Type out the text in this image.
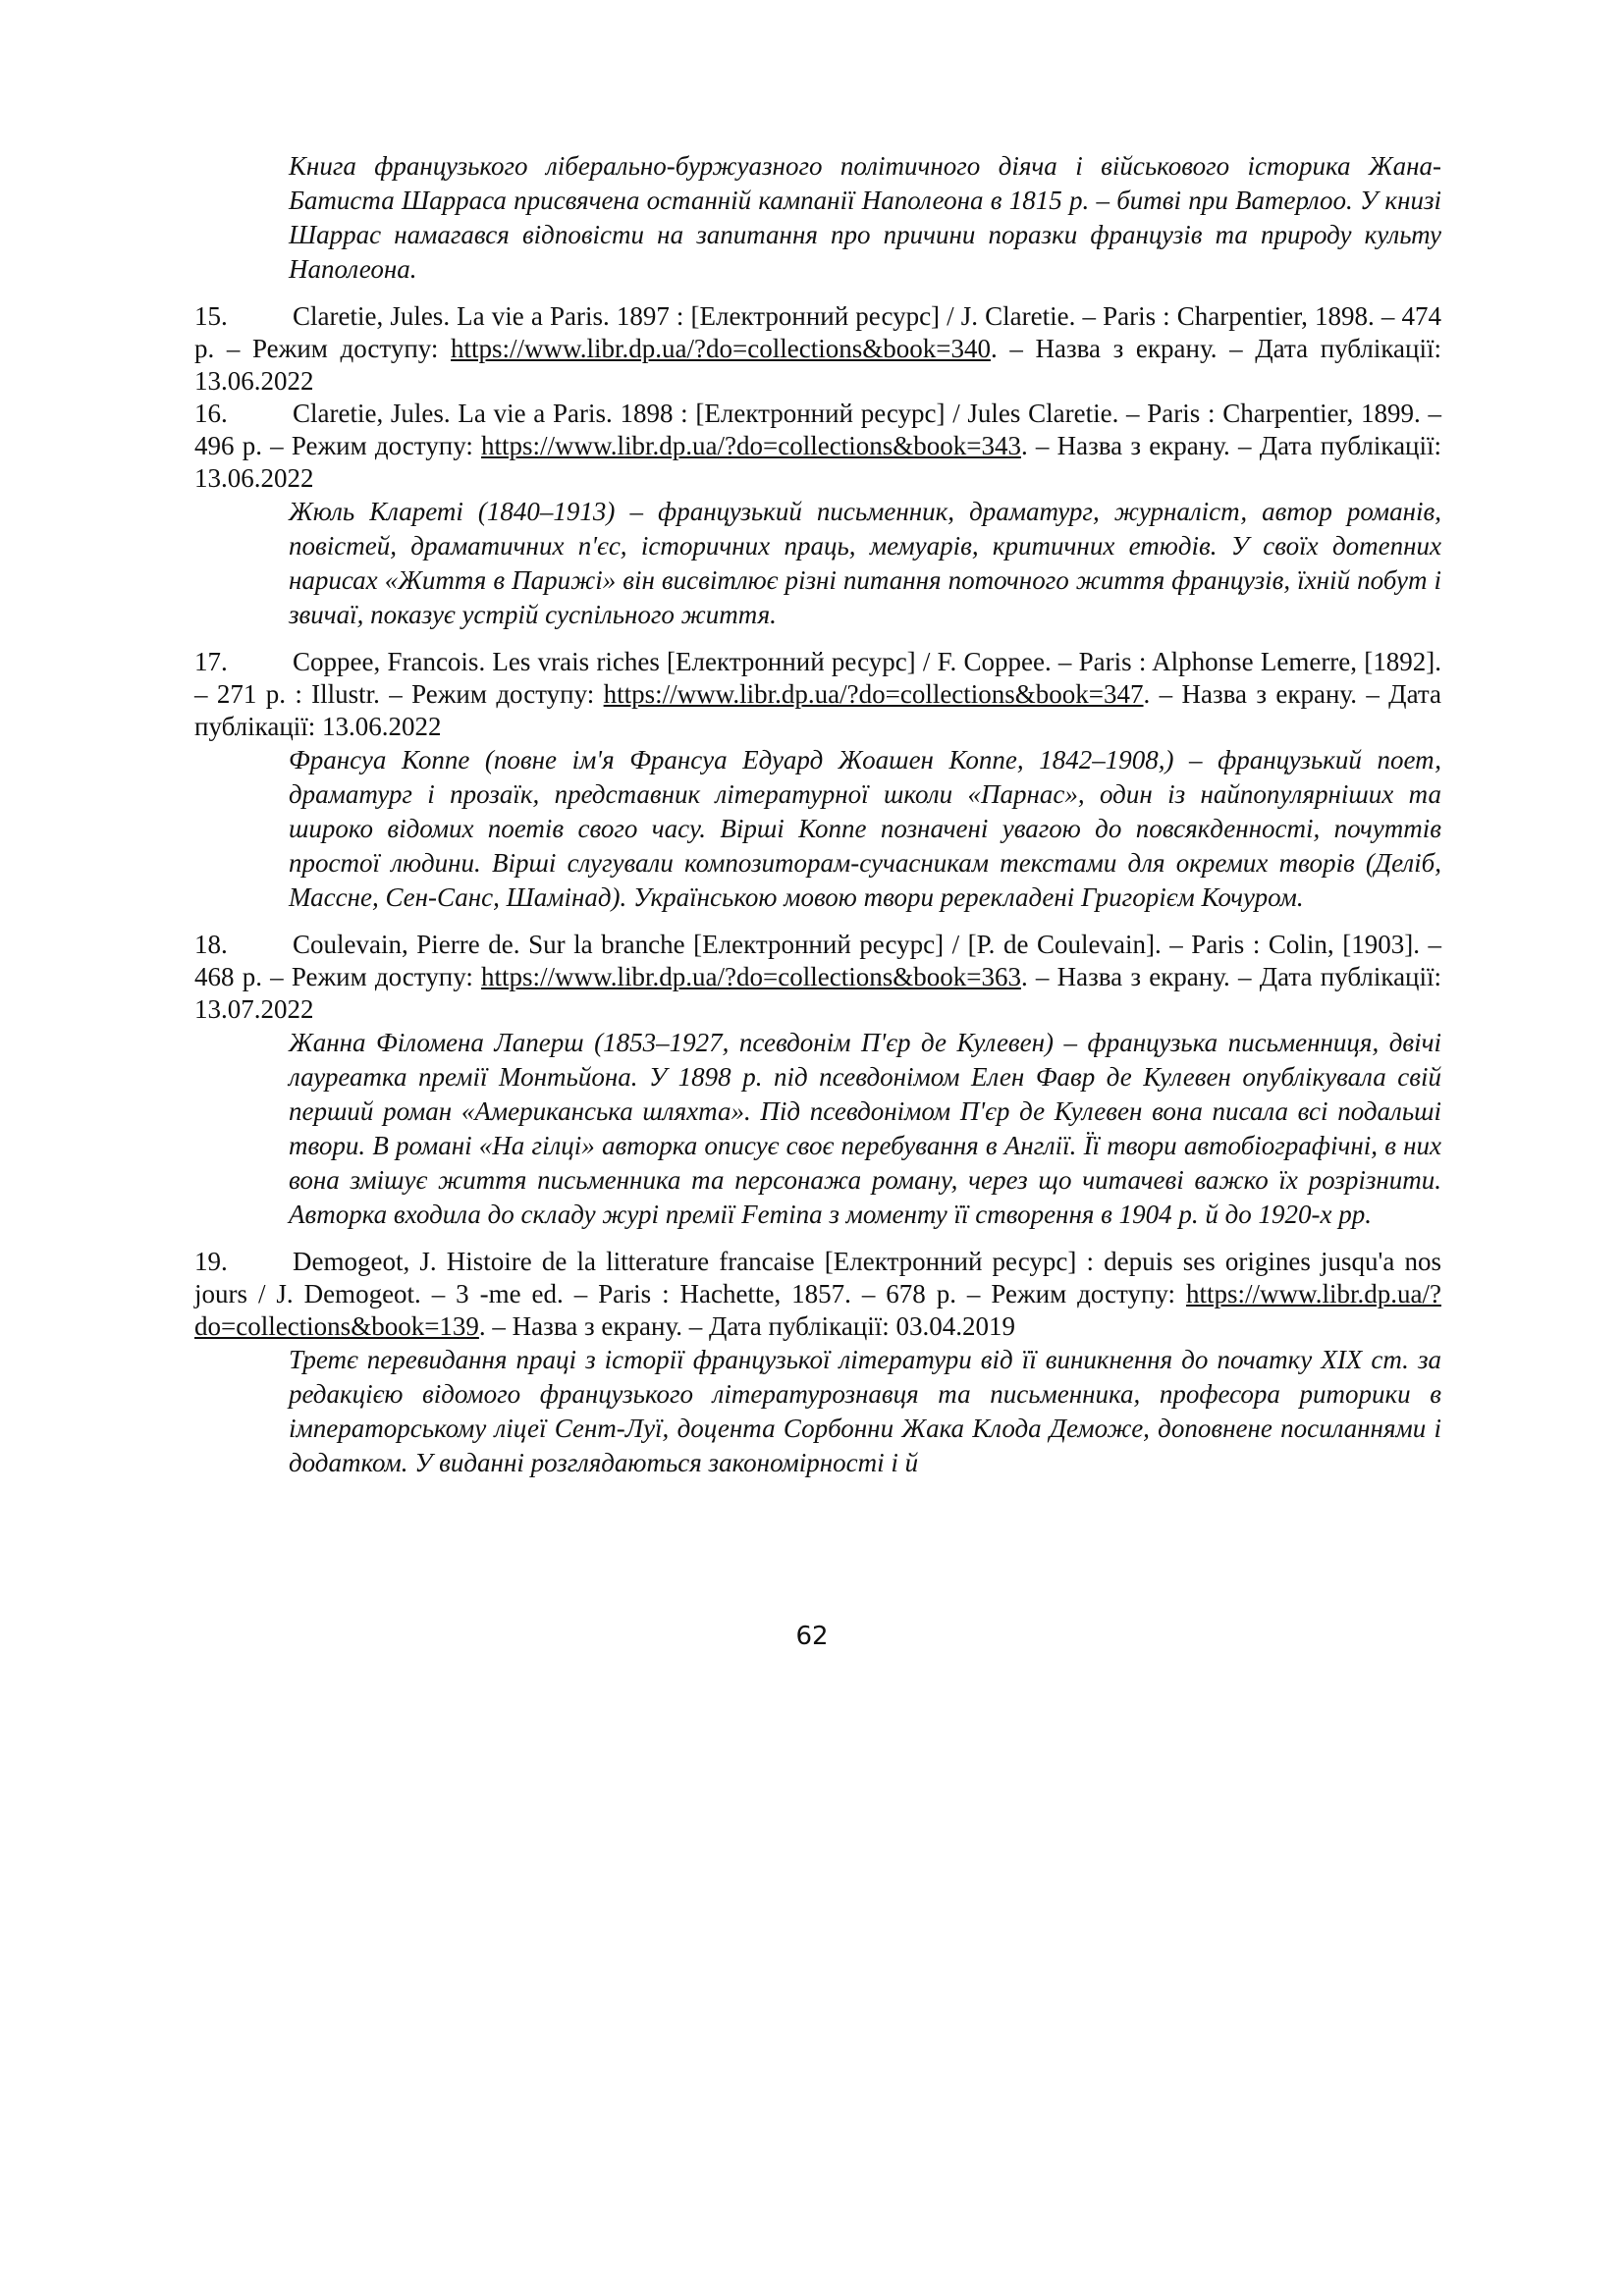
Книга французького ліберально-буржуазного політичного діяча і військового історика Жана-Батиста Шарраса присвячена останній кампанії Наполеона в 1815 р. – битві при Ватерлоо. У книзі Шаррас намагався відповісти на запитання про причини поразки французів та природу культу Наполеона.

15. Claretie, Jules. La vie a Paris. 1897 : [Електронний ресурс] / J. Claretie. – Paris : Charpentier, 1898. – 474 p. – Режим доступу: https://www.libr.dp.ua/?do=collections&book=340. – Назва з екрану. – Дата публікації: 13.06.2022

16. Claretie, Jules. La vie a Paris. 1898 : [Електронний ресурс] / Jules Claretie. – Paris : Charpentier, 1899. – 496 p. – Режим доступу: https://www.libr.dp.ua/?do=collections&book=343. – Назва з екрану. – Дата публікації: 13.06.2022

Жюль Кларетi (1840–1913) – французький письменник, драматург, журналiст, автор романів, повістей, драматичних п'єс, історичних праць, мемуарів, критичних етюдів. У своїх дотепних нарисах «Життя в Парижі» він висвітлює різні питання поточного життя французів, їхній побут і звичаї, показує устрій суспільного життя.

17. Coppee, Francois. Les vrais riches [Електронний ресурс] / F. Coppee. – Paris : Alphonse Lemerre, [1892]. – 271 p. : Illustr. – Режим доступу: https://www.libr.dp.ua/?do=collections&book=347. – Назва з екрану. – Дата публікації: 13.06.2022

Франсуа Коппе (повне ім'я Франсуа Едуард Жоашен Коппе, 1842–1908,) – французький поет, драматург і прозаїк, представник літературної школи «Парнас», один із найпопулярніших та широко відомих поетів свого часу. Вірші Коппе позначені увагою до повсякденності, почуттів простої людини. Вірші слугували композиторам-сучасникам текстами для окремих творів (Деліб, Массне, Сен-Санс, Шамінад). Українською мовою твори ререкладені Григорієм Кочуром.

18. Coulevain, Pierre de. Sur la branche [Електронний ресурс] / [P. de Coulevain]. – Paris : Colin, [1903]. – 468 p. – Режим доступу: https://www.libr.dp.ua/?do=collections&book=363. – Назва з екрану. – Дата публікації: 13.07.2022

Жанна Філомена Лаперш (1853–1927, псевдонім П'єр де Кулевен) – французька письменниця, двічі лауреатка премії Монтьйона. У 1898 р. під псевдонімом Елен Фавр де Кулевен опублікувала свій перший роман «Американська шляхта». Під псевдонімом П'єр де Кулевен вона писала всі подальші твори. В романі «На гілці» авторка описує своє перебування в Англії. Її твори автобіографічні, в них вона змішує життя письменника та персонажа роману, через що читачеві важко їх розрізнити. Авторка входила до складу журі премії Femina з моменту її створення в 1904 р. й до 1920-х рр.

19. Demogeot, J. Histoire de la litterature francaise [Електронний ресурс] : depuis ses origines jusqu'a nos jours / J. Demogeot. – 3 -me ed. – Paris : Hachette, 1857. – 678 p. – Режим доступу: https://www.libr.dp.ua/?do=collections&book=139. – Назва з екрану. – Дата публікації: 03.04.2019

Третє перевидання праці з історії французької літератури від її виникнення до початку XIX ст. за редакцією відомого французького літературознавця та письменника, професора риторики в імператорському ліцеї Сент-Луї, доцента Сорбонни Жака Клода Деможе, доповнене посиланнями і додатком. У виданні розглядаються закономірності і й

62
